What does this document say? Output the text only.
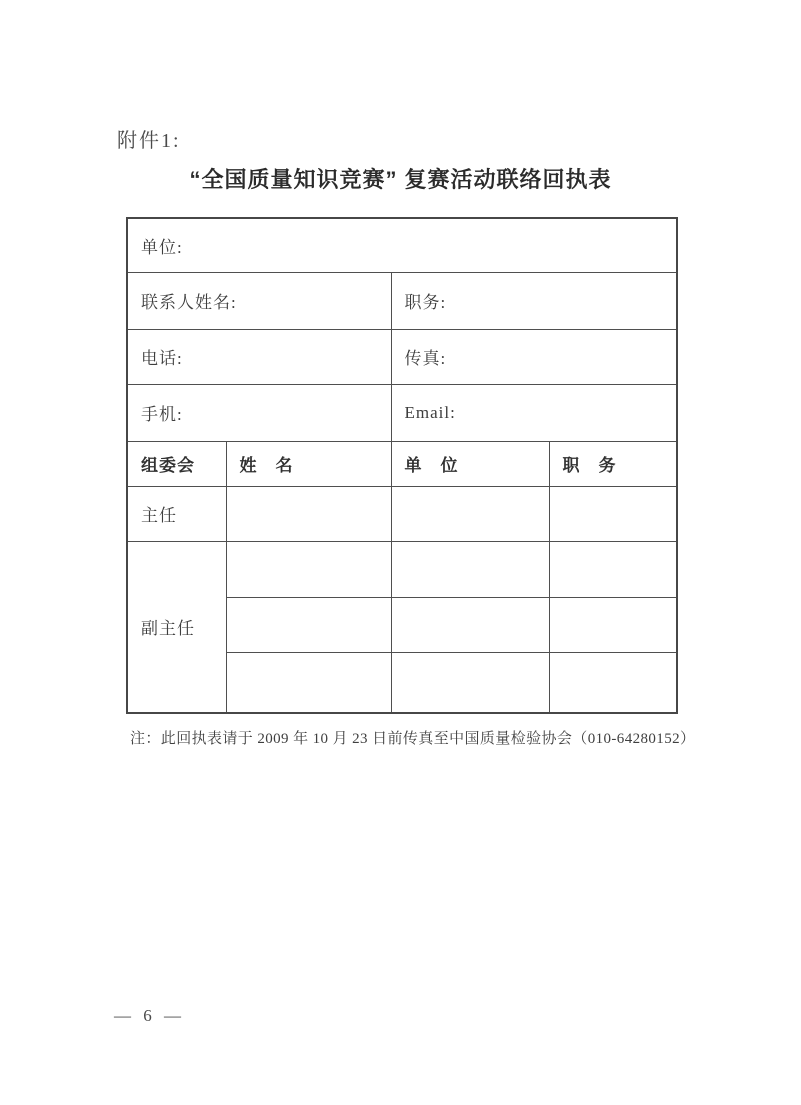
附件1:
“全国质量知识竞赛” 复赛活动联络回执表
单位:			
联系人姓名:		职务:	
电话:		传真:	
手机:		Email:	
组委会	姓　名	单　位	职　务
主任			
副主任			

注：此回执表请于 2009 年 10 月 23 日前传真至中国质量检验协会（010-64280152）
— 6 —
